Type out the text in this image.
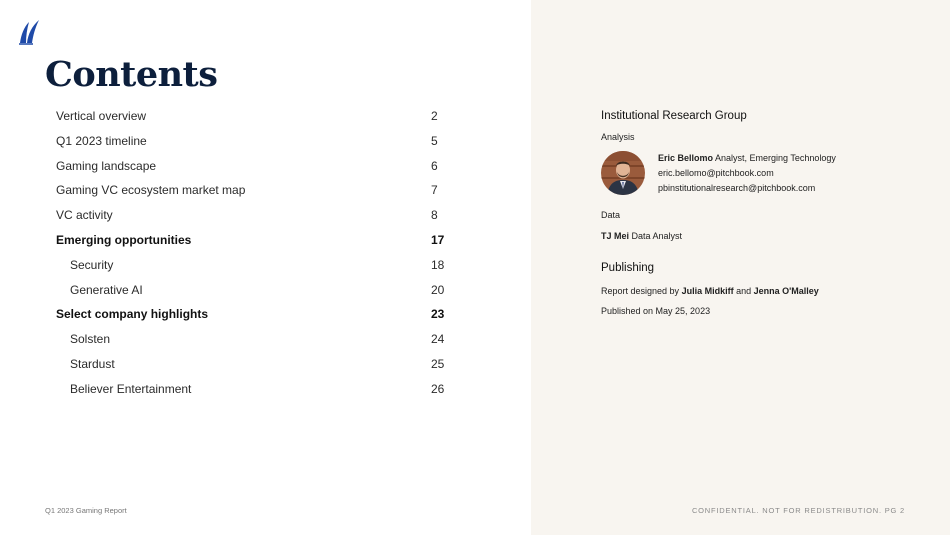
Contents
Vertical overview	2
Q1 2023 timeline	5
Gaming landscape	6
Gaming VC ecosystem market map	7
VC activity	8
Emerging opportunities	17
Security	18
Generative AI	20
Select company highlights	23
Solsten	24
Stardust	25
Believer Entertainment	26
Institutional Research Group
Analysis
Eric Bellomo Analyst, Emerging Technology
eric.bellomo@pitchbook.com
pbinstitutionalresearch@pitchbook.com
Data
TJ Mei Data Analyst
Publishing
Report designed by Julia Midkiff and Jenna O'Malley
Published on May 25, 2023
Q1 2023 Gaming Report	CONFIDENTIAL. NOT FOR REDISTRIBUTION. PG 2
